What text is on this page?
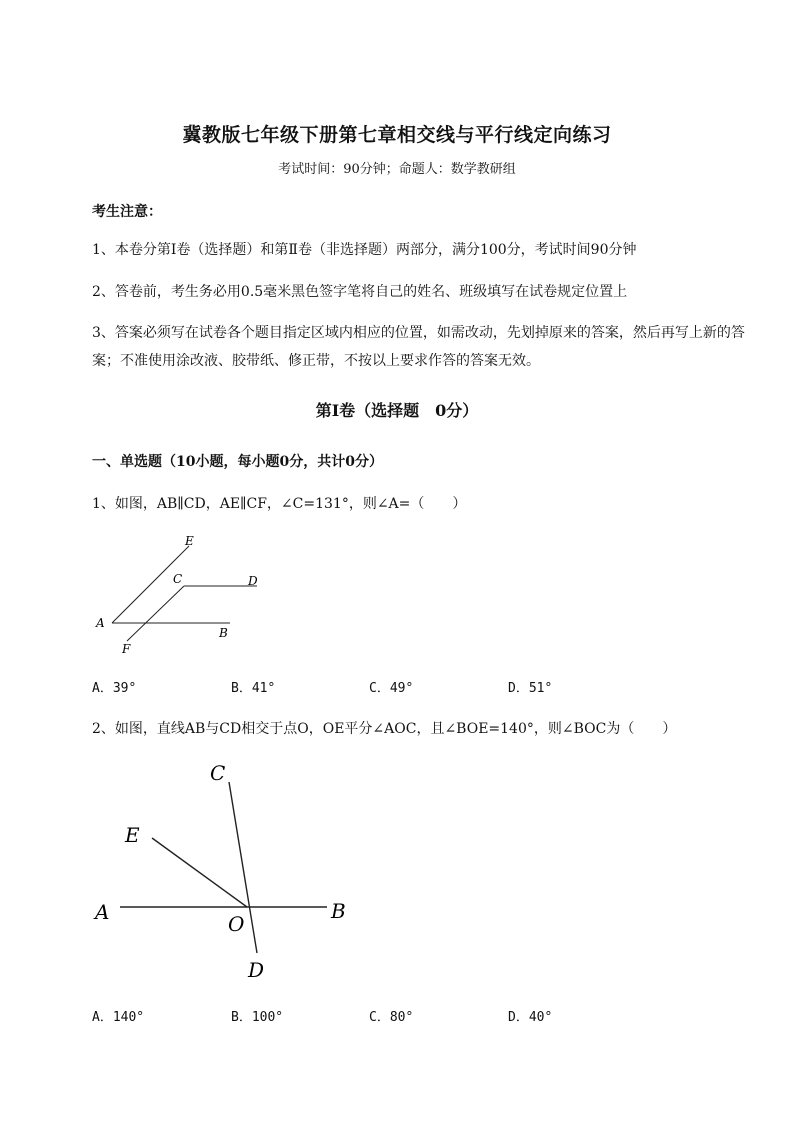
冀教版七年级下册第七章相交线与平行线定向练习
考试时间：90分钟；命题人：数学教研组
考生注意：
1、本卷分第I卷（选择题）和第Ⅱ卷（非选择题）两部分，满分100分，考试时间90分钟
2、答卷前，考生务必用0.5毫米黑色签字笔将自己的姓名、班级填写在试卷规定位置上
3、答案必须写在试卷各个题目指定区域内相应的位置，如需改动，先划掉原来的答案，然后再写上新的答案；不准使用涂改液、胶带纸、修正带，不按以上要求作答的答案无效。
第I卷（选择题　0分）
一、单选题（10小题，每小题0分，共计0分）
1、如图，AB∥CD，AE∥CF，∠C=131°，则∠A=（　　）
E
C	D
A
B
F
A．39°	B．41°	C．49°	D．51°
2、如图，直线AB与CD相交于点O，OE平分∠AOC，且∠BOE=140°，则∠BOC为（　　）
C
E
A	O
B
D
A．140°	B．100°	C．80°	D．40°
